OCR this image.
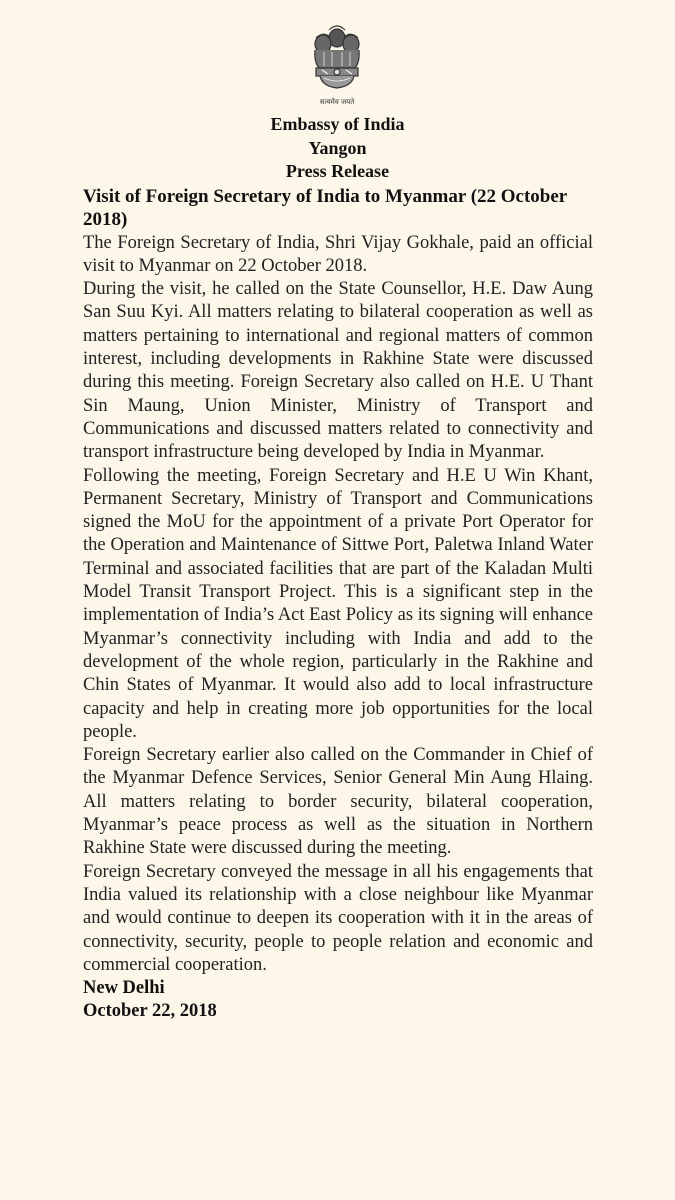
सत्यमेव जयते
Embassy of India
Yangon
Press Release

Visit of Foreign Secretary of India to Myanmar (22 October 2018)

The Foreign Secretary of India, Shri Vijay Gokhale, paid an official visit to Myanmar on 22 October 2018.

During the visit, he called on the State Counsellor, H.E. Daw Aung San Suu Kyi. All matters relating to bilateral cooperation as well as matters pertaining to international and regional matters of common interest, including developments in Rakhine State were discussed during this meeting. Foreign Secretary also called on H.E. U Thant Sin Maung, Union Minister, Ministry of Transport and Communications and discussed matters related to connectivity and transport infrastructure being developed by India in Myanmar.

Following the meeting, Foreign Secretary and H.E U Win Khant, Permanent Secretary, Ministry of Transport and Communications signed the MoU for the appointment of a private Port Operator for the Operation and Maintenance of Sittwe Port, Paletwa Inland Water Terminal and associated facilities that are part of the Kaladan Multi Model Transit Transport Project. This is a significant step in the implementation of India’s Act East Policy as its signing will enhance Myanmar’s connectivity including with India and add to the development of the whole region, particularly in the Rakhine and Chin States of Myanmar. It would also add to local infrastructure capacity and help in creating more job opportunities for the local people.

Foreign Secretary earlier also called on the Commander in Chief of the Myanmar Defence Services, Senior General Min Aung Hlaing. All matters relating to border security, bilateral cooperation, Myanmar’s peace process as well as the situation in Northern Rakhine State were discussed during the meeting.

Foreign Secretary conveyed the message in all his engagements that India valued its relationship with a close neighbour like Myanmar and would continue to deepen its cooperation with it in the areas of connectivity, security, people to people relation and economic and commercial cooperation.

New Delhi

October 22, 2018
